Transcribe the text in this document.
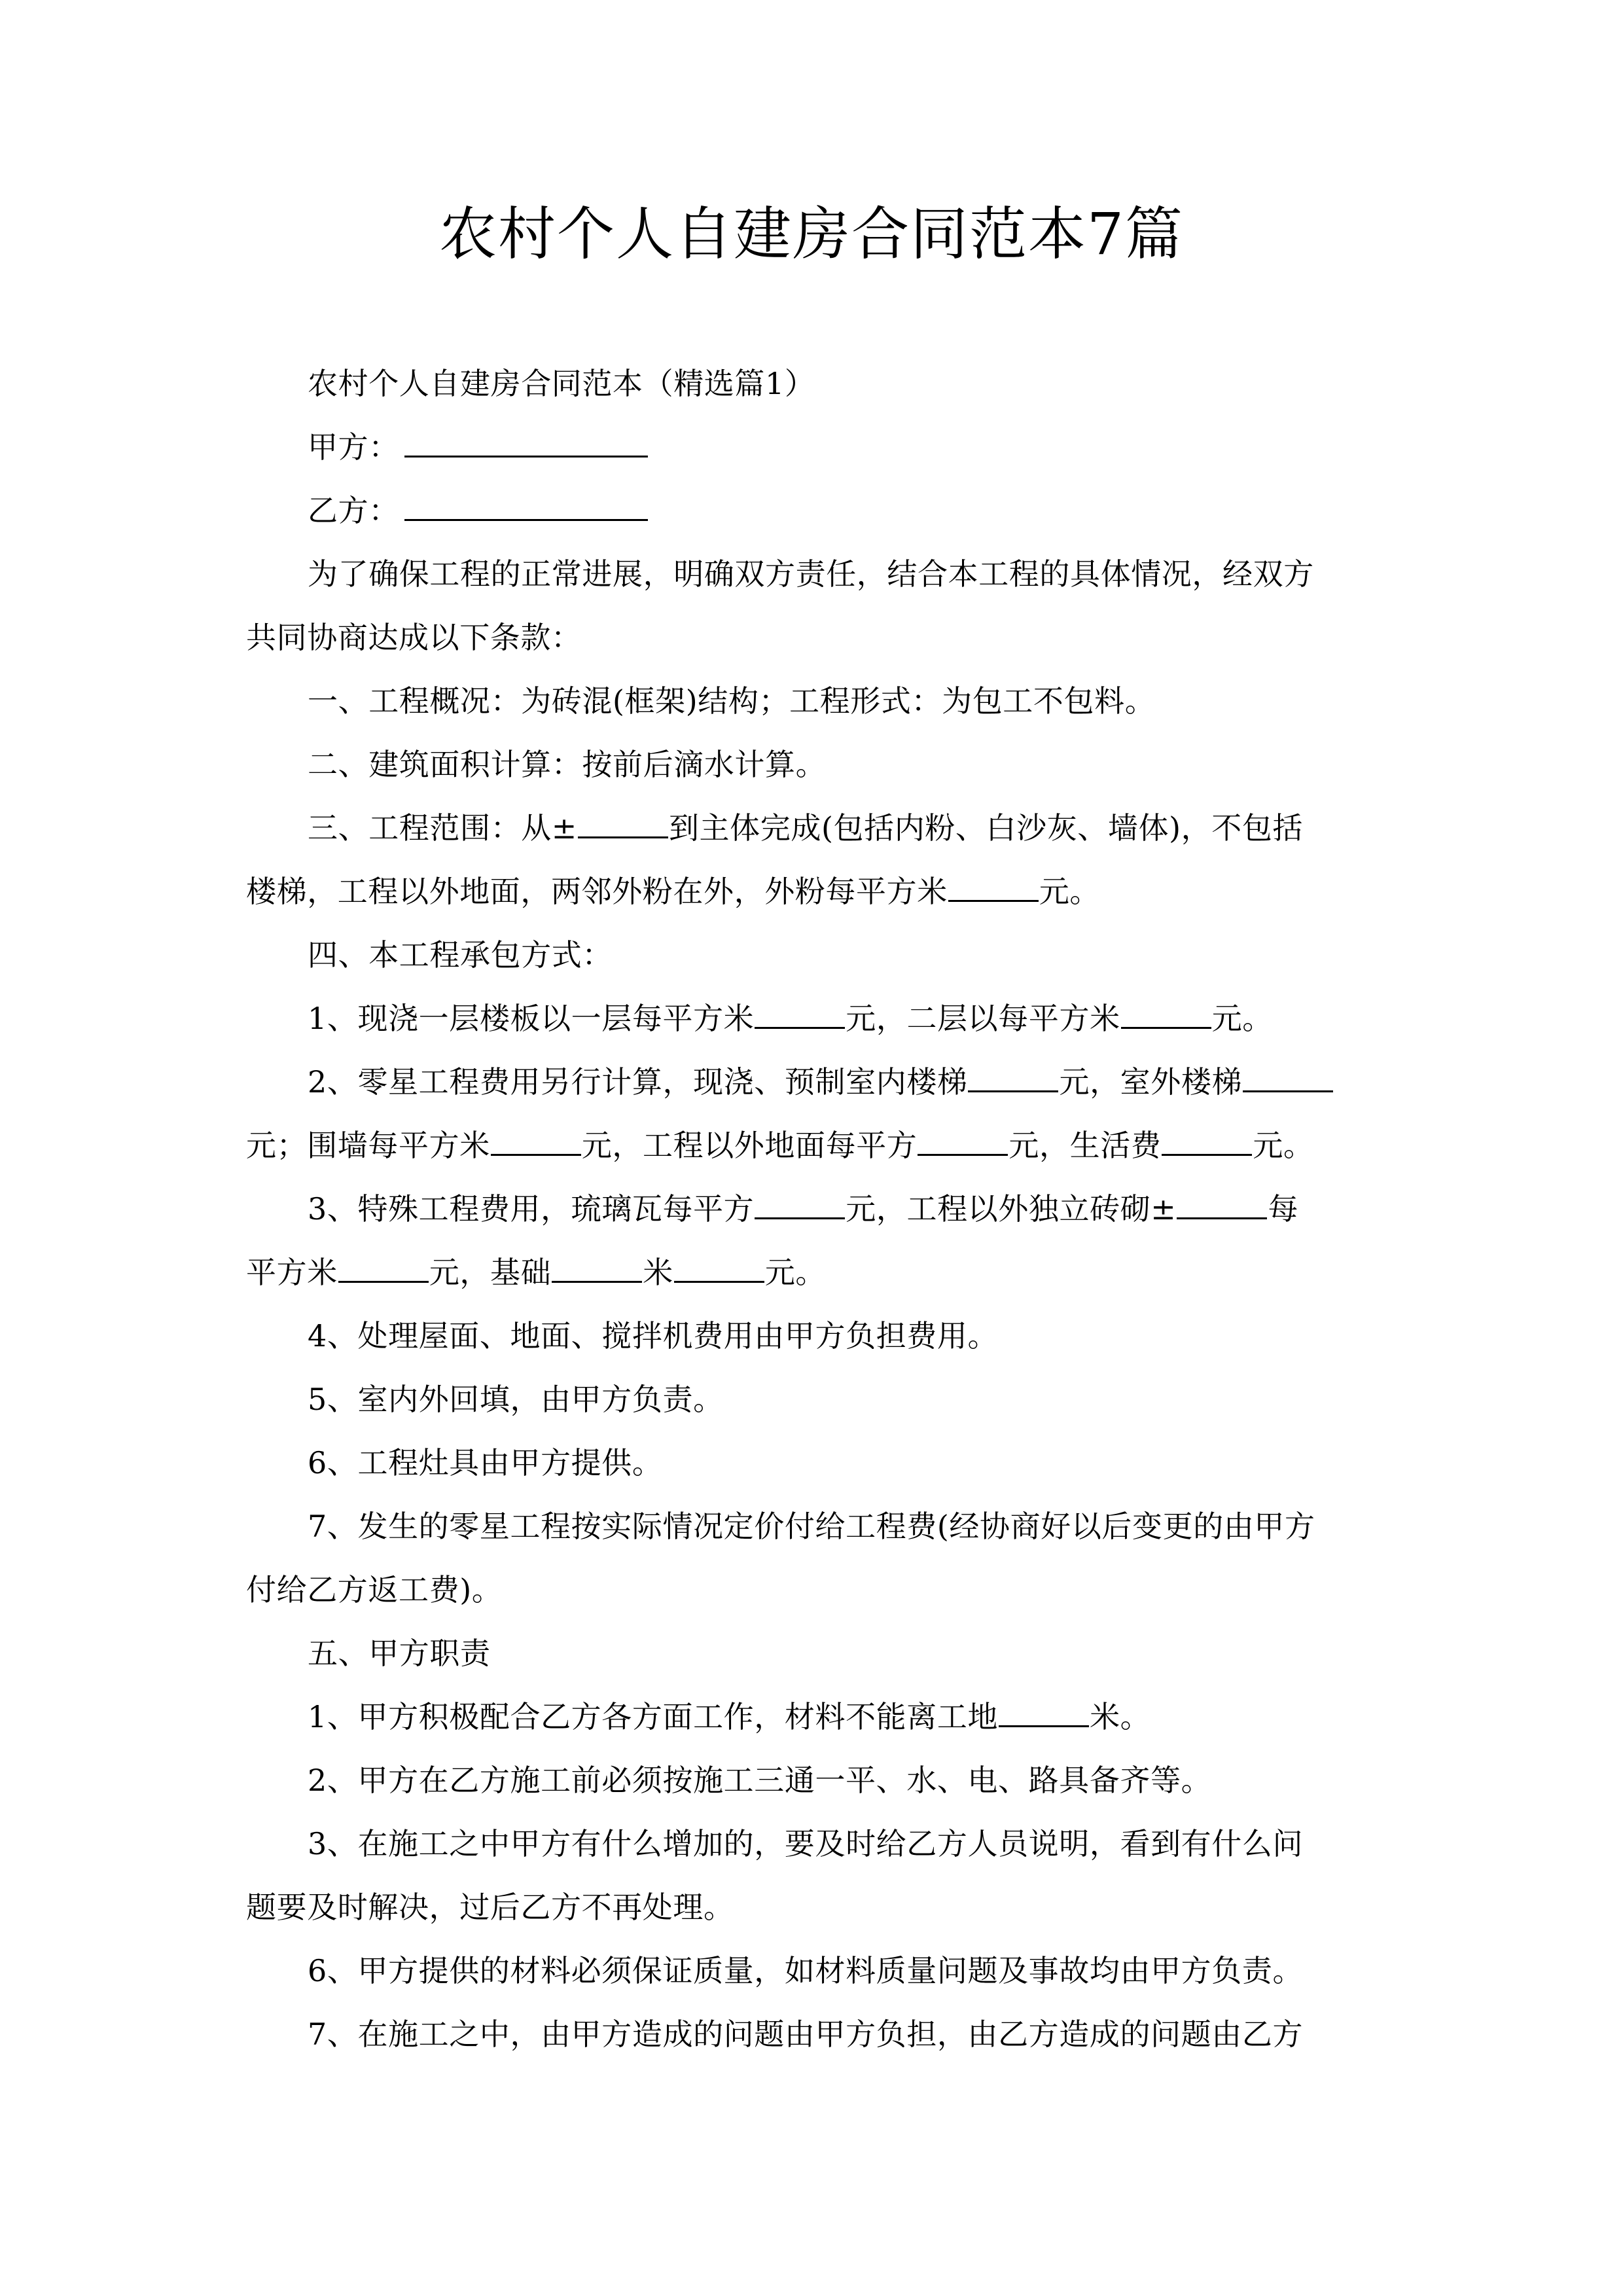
农村个人自建房合同范本7篇
农村个人自建房合同范本（精选篇1）
甲方：
乙方：
为了确保工程的正常进展，明确双方责任，结合本工程的具体情况，经双方
共同协商达成以下条款：
一、工程概况：为砖混(框架)结构；工程形式：为包工不包料。
二、建筑面积计算：按前后滴水计算。
三、工程范围：从±	到主体完成(包括内粉、白沙灰、墙体)，不包括
楼梯，工程以外地面，两邻外粉在外，外粉每平方米	元。
四、本工程承包方式：
1、现浇一层楼板以一层每平方米	元，二层以每平方米	元。
2、零星工程费用另行计算，现浇、预制室内楼梯	元，室外楼梯
元；围墙每平方米	元，工程以外地面每平方	元，生活费	元。
3、特殊工程费用，琉璃瓦每平方	元，工程以外独立砖砌±	每
平方米	元，基础	米	元。
4、处理屋面、地面、搅拌机费用由甲方负担费用。
5、室内外回填，由甲方负责。
6、工程灶具由甲方提供。
7、发生的零星工程按实际情况定价付给工程费(经协商好以后变更的由甲方
付给乙方返工费)。
五、甲方职责
1、甲方积极配合乙方各方面工作，材料不能离工地	米。
2、甲方在乙方施工前必须按施工三通一平、水、电、路具备齐等。
3、在施工之中甲方有什么增加的，要及时给乙方人员说明，看到有什么问
题要及时解决，过后乙方不再处理。
6、甲方提供的材料必须保证质量，如材料质量问题及事故均由甲方负责。
7、在施工之中，由甲方造成的问题由甲方负担，由乙方造成的问题由乙方
